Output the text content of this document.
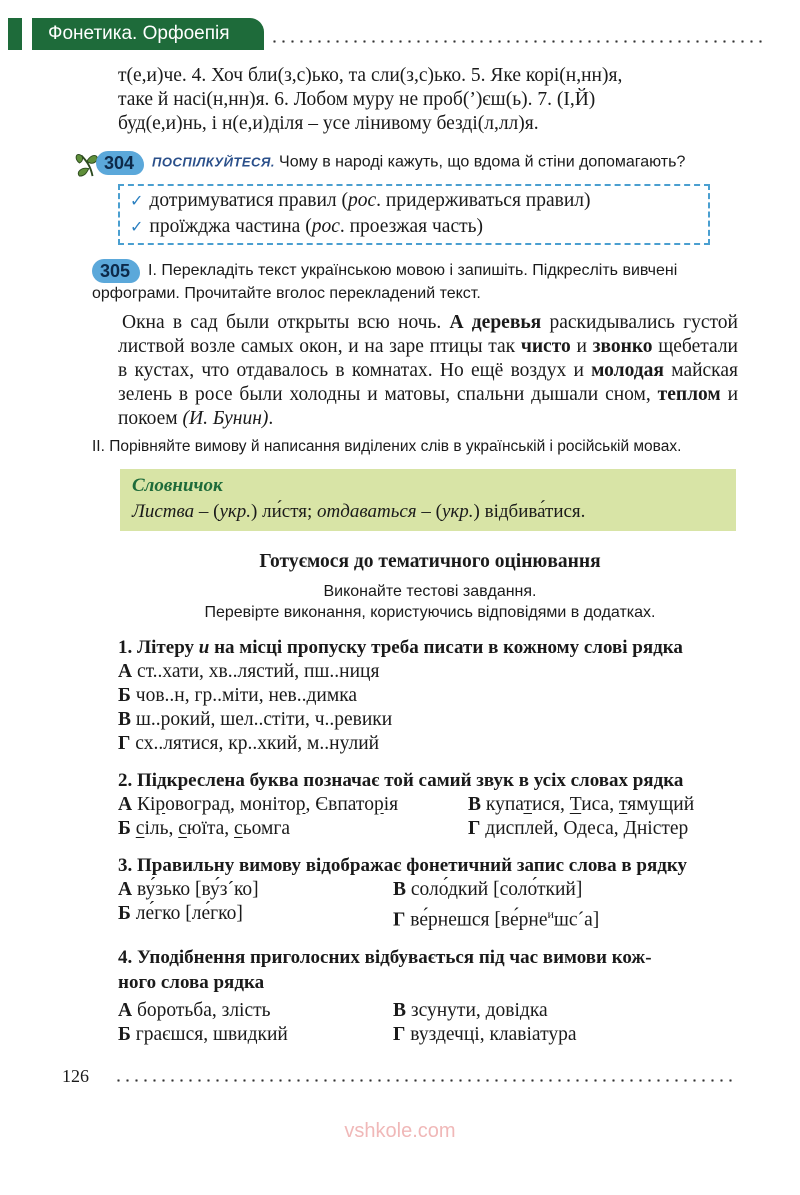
Фонетика. Орфоепія
т(е,и)че. 4. Хоч бли(з,с)ько, та сли(з,с)ько. 5. Яке корі(н,нн)я,
таке й насі(н,нн)я. 6. Лобом муру не проб(’)єш(ь). 7. (І,Й)
буд(е,и)нь, і н(е,и)діля – усе лінивому безді(л,лл)я.
304 ПОСПІЛКУЙТЕСЯ. Чому в народі кажуть, що вдома й стіни допомагають?
✓ дотримуватися правил (рос. придерживаться правил)
✓ проїжджа частина (рос. проезжая часть)
305 І. Перекладіть текст українською мовою і запишіть. Підкресліть вивчені
орфограми. Прочитайте вголос перекладений текст.
Окна в сад были открыты всю ночь. А деревья раскидывались густой листвой возле самых окон, и на заре птицы так чисто и звонко щебетали в кустах, что отдавалось в комнатах. Но ещё воздух и молодая майская зелень в росе были холодны и матовы, спальни дышали сном, теплом и покоем (И. Бунин).
ІІ. Порівняйте вимову й написання виділених слів в українській і російській мовах.
Словничок
Листва – (укр.) ли́стя; отдаваться – (укр.) відбива́тися.
Готуємося до тематичного оцінювання
Виконайте тестові завдання.
Перевірте виконання, користуючись відповідями в додатках.
1. Літеру и на місці пропуску треба писати в кожному слові рядка
А ст..хати, хв..лястий, пш..ниця
Б чов..н, гр..міти, нев..димка
В ш..рокий, шел..стіти, ч..ревики
Г сх..лятися, кр..хкий, м..нулий
2. Підкреслена буква позначає той самий звук в усіх словах рядка
А Кіровоград, монітор, Євпаторія	В купатися, Тиса, тямущий
Б сіль, сюїта, сьомга	Г дисплей, Одеса, Дністер
3. Правильну вимову відображає фонетичний запис слова в рядку
А ву́зько [ву́з´ко]	В соло́дкий [соло́ткий]
Б ле́гко [ле́гко]	Г ве́рнешся [ве́рне$^и$шс´а]
4. Уподібнення приголосних відбувається під час вимови кож-
ного слова рядка
А боротьба, злість	В зсунути, довідка
Б граєшся, швидкий	Г вуздечці, клавіатура
126
vshkole.com
